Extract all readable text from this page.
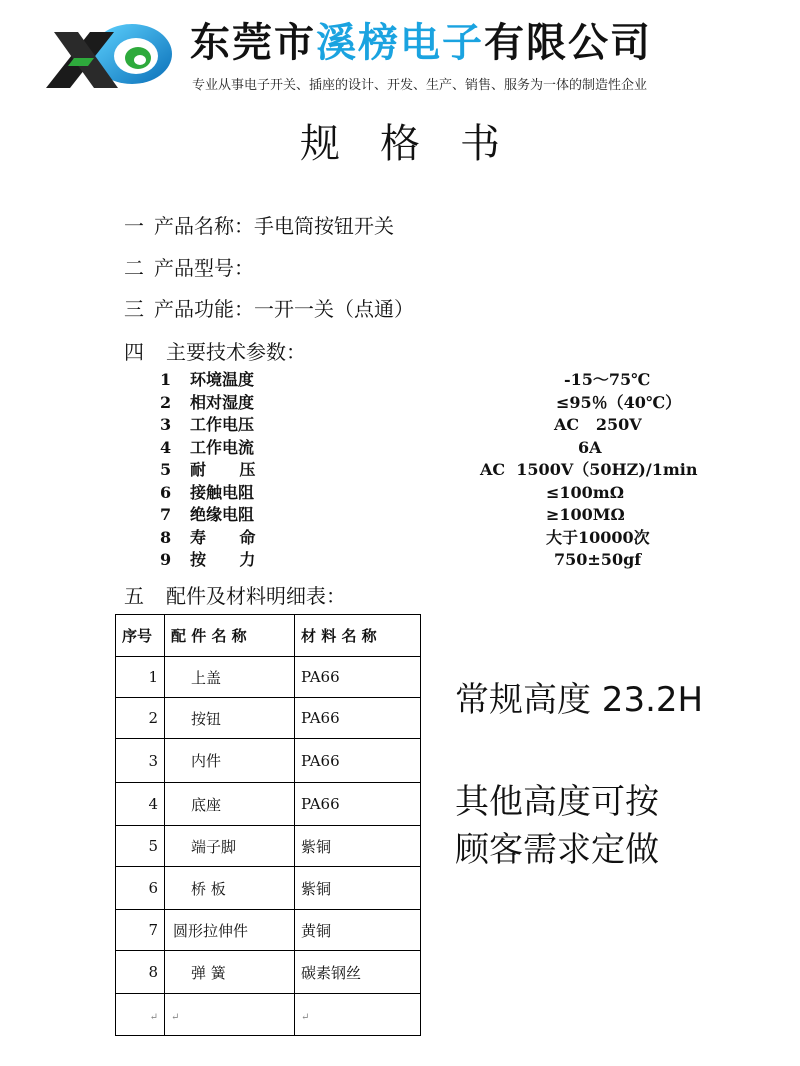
东莞市溪榜电子有限公司
专业从事电子开关、插座的设计、开发、生产、销售、服务为一体的制造性企业
规格书
一 产品名称：手电筒按钮开关
二 产品型号：
三 产品功能：一开一关（点通）
四 主要技术参数：
1 环境温度	-15～75℃
2 相对湿度	≤95％（40℃）
3 工作电压	AC   250V
4 工作电流	6A
5 耐      压	AC  1500V（50HZ)/1min
6 接触电阻	≤100mΩ
7 绝缘电阻	≥100MΩ
8 寿      命	大于10000次
9 按      力	750±50gf
五 配件及材料明细表：
序号	配 件 名 称	材 料 名 称
1	上盖	PA66
2	按钮	PA66
3	内件	PA66
4	底座	PA66
5	端子脚	紫铜
6	桥 板	紫铜
7	圆形拉伸件	黄铜
8	弹 簧	碳素钢丝
↵	↵	↵
常规高度 23.2H
其他高度可按
顾客需求定做
